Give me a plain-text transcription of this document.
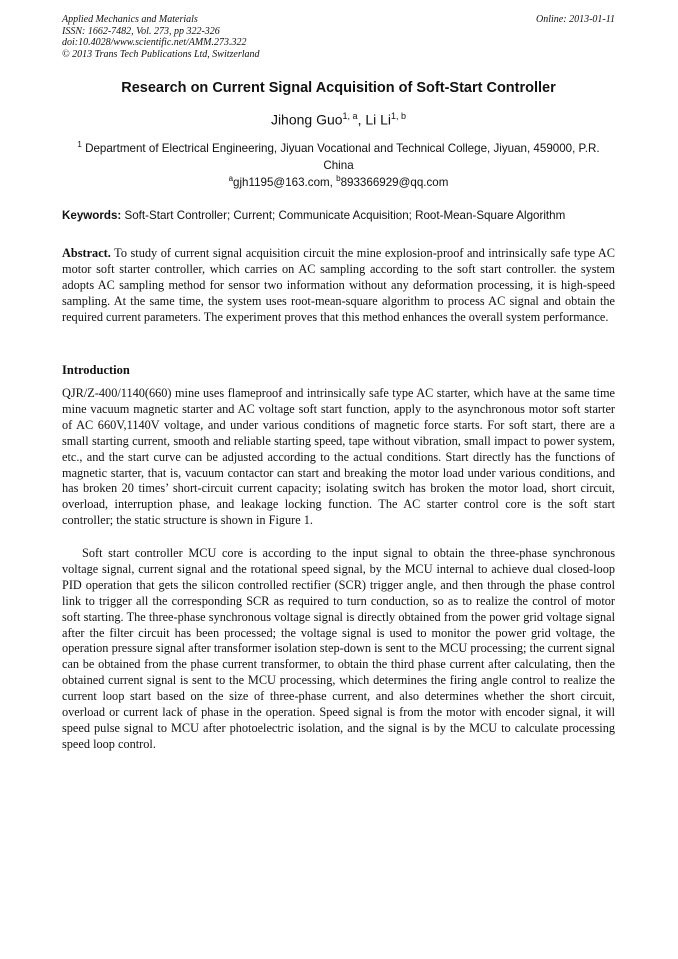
Applied Mechanics and Materials
ISSN: 1662-7482, Vol. 273, pp 322-326
doi:10.4028/www.scientific.net/AMM.273.322
© 2013 Trans Tech Publications Ltd, Switzerland
Online: 2013-01-11
Research on Current Signal Acquisition of Soft-Start Controller
Jihong Guo$^{1, a}$, Li Li$^{1, b}$
$^1$ Department of Electrical Engineering, Jiyuan Vocational and Technical College, Jiyuan, 459000, P.R. China
$^a$gjh1195@163.com, $^b$893366929@qq.com
Keywords: Soft-Start Controller; Current; Communicate Acquisition; Root-Mean-Square Algorithm
Abstract. To study of current signal acquisition circuit the mine explosion-proof and intrinsically safe type AC motor soft starter controller, which carries on AC sampling according to the soft start controller. the system adopts AC sampling method for sensor two information without any deformation processing, it is high-speed sampling. At the same time, the system uses root-mean-square algorithm to process AC signal and obtain the required current parameters. The experiment proves that this method enhances the overall system performance.
Introduction
QJR/Z-400/1140(660) mine uses flameproof and intrinsically safe type AC starter, which have at the same time mine vacuum magnetic starter and AC voltage soft start function, apply to the asynchronous motor soft starter of AC 660V,1140V voltage, and under various conditions of magnetic force starts. For soft start, there are a small starting current, smooth and reliable starting speed, tape without vibration, small impact to power system, etc., and the start curve can be adjusted according to the actual conditions. Start directly has the functions of magnetic starter, that is, vacuum contactor can start and breaking the motor load under various conditions, and has broken 20 times’ short-circuit current capacity; isolating switch has broken the motor load, short circuit, overload, interruption phase, and leakage locking function. The AC starter control core is the soft start controller; the static structure is shown in Figure 1.
Soft start controller MCU core is according to the input signal to obtain the three-phase synchronous voltage signal, current signal and the rotational speed signal, by the MCU internal to achieve dual closed-loop PID operation that gets the silicon controlled rectifier (SCR) trigger angle, and then through the phase control link to trigger all the corresponding SCR as required to turn conduction, so as to realize the control of motor soft starting. The three-phase synchronous voltage signal is directly obtained from the power grid voltage signal after the filter circuit has been processed; the voltage signal is used to monitor the power grid voltage, the operation pressure signal after transformer isolation step-down is sent to the MCU processing; the current signal can be obtained from the phase current transformer, to obtain the third phase current after calculating, then the obtained current signal is sent to the MCU processing, which determines the firing angle control to realize the current loop start based on the size of three-phase current, and also determines whether the short circuit, overload or current lack of phase in the operation. Speed signal is from the motor with encoder signal, it will speed pulse signal to MCU after photoelectric isolation, and the signal is by the MCU to calculate processing speed loop control.
